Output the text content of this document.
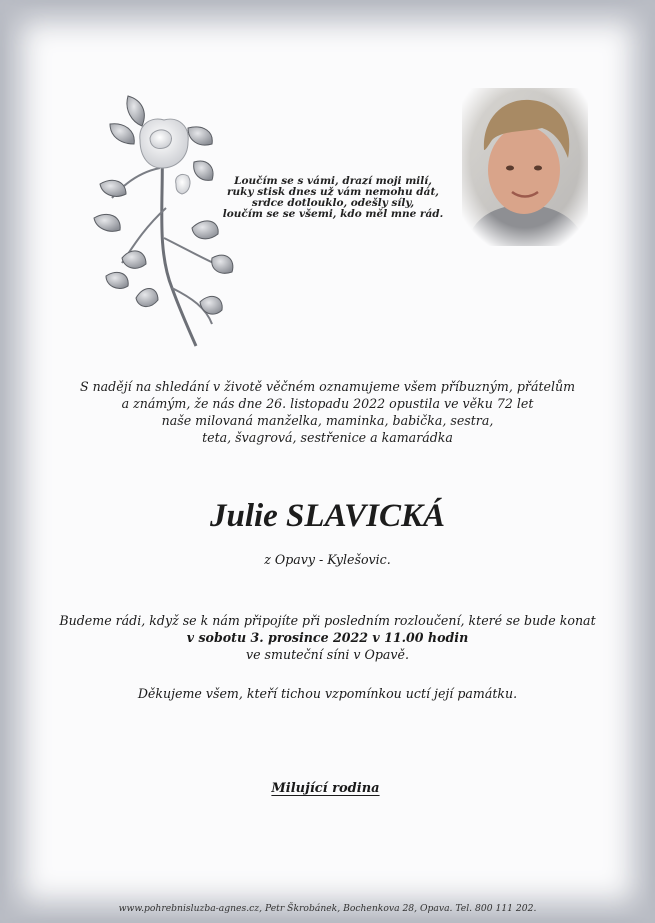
Loučím se s vámi, drazí moji milí,
ruky stisk dnes už vám nemohu dát,
srdce dotlouklo, odešly síly,
loučím se se všemi, kdo měl mne rád.
S nadějí na shledání v životě věčném oznamujeme všem příbuzným, přátelům
a známým, že nás dne 26. listopadu 2022 opustila ve věku 72 let
naše milovaná manželka, maminka, babička, sestra,
teta, švagrová, sestřenice a kamarádka
Julie SLAVICKÁ
z Opavy - Kylešovic.
Budeme rádi, když se k nám připojíte při posledním rozloučení, které se bude konat
v sobotu 3. prosince 2022 v 11.00 hodin
ve smuteční síni v Opavě.
Děkujeme všem, kteří tichou vzpomínkou uctí její památku.
Milující rodina
www.pohrebnisluzba-agnes.cz, Petr Škrobánek, Bochenkova 28, Opava. Tel. 800 111 202.
